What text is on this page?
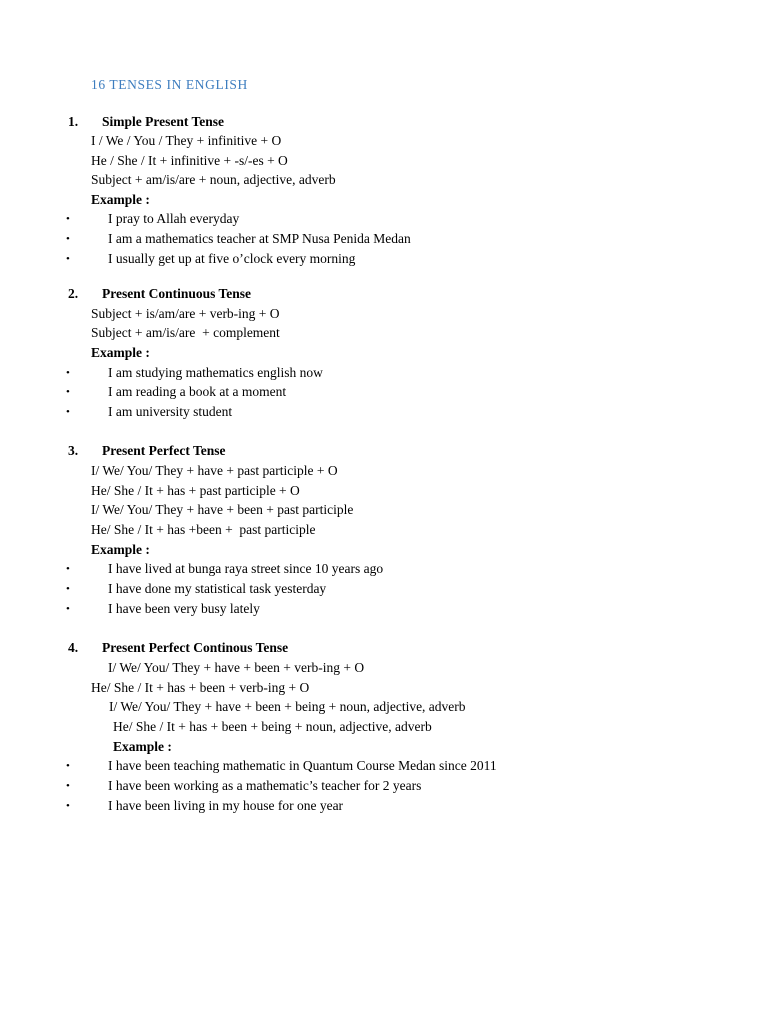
16 TENSES IN ENGLISH
1. Simple Present Tense
I / We / You / They + infinitive + O
He / She / It + infinitive + -s/-es + O
Subject + am/is/are + noun, adjective, adverb
Example :
•	I pray to Allah everyday
•	I am a mathematics teacher at SMP Nusa Penida Medan
•	I usually get up at five o’clock every morning
2. Present Continuous Tense
Subject + is/am/are + verb-ing + O
Subject + am/is/are  + complement
Example :
•	I am studying mathematics english now
•	I am reading a book at a moment
•	I am university student
3. Present Perfect Tense
I/ We/ You/ They + have + past participle + O
He/ She / It + has + past participle + O
I/ We/ You/ They + have + been + past participle
He/ She / It + has +been +  past participle
Example :
•	I have lived at bunga raya street since 10 years ago
•	I have done my statistical task yesterday
•	I have been very busy lately
4. Present Perfect Continous Tense
I/ We/ You/ They + have + been + verb-ing + O
He/ She / It + has + been + verb-ing + O
I/ We/ You/ They + have + been + being + noun, adjective, adverb
He/ She / It + has + been + being + noun, adjective, adverb
Example :
•	I have been teaching mathematic in Quantum Course Medan since 2011
•	I have been working as a mathematic’s teacher for 2 years
•	I have been living in my house for one year
